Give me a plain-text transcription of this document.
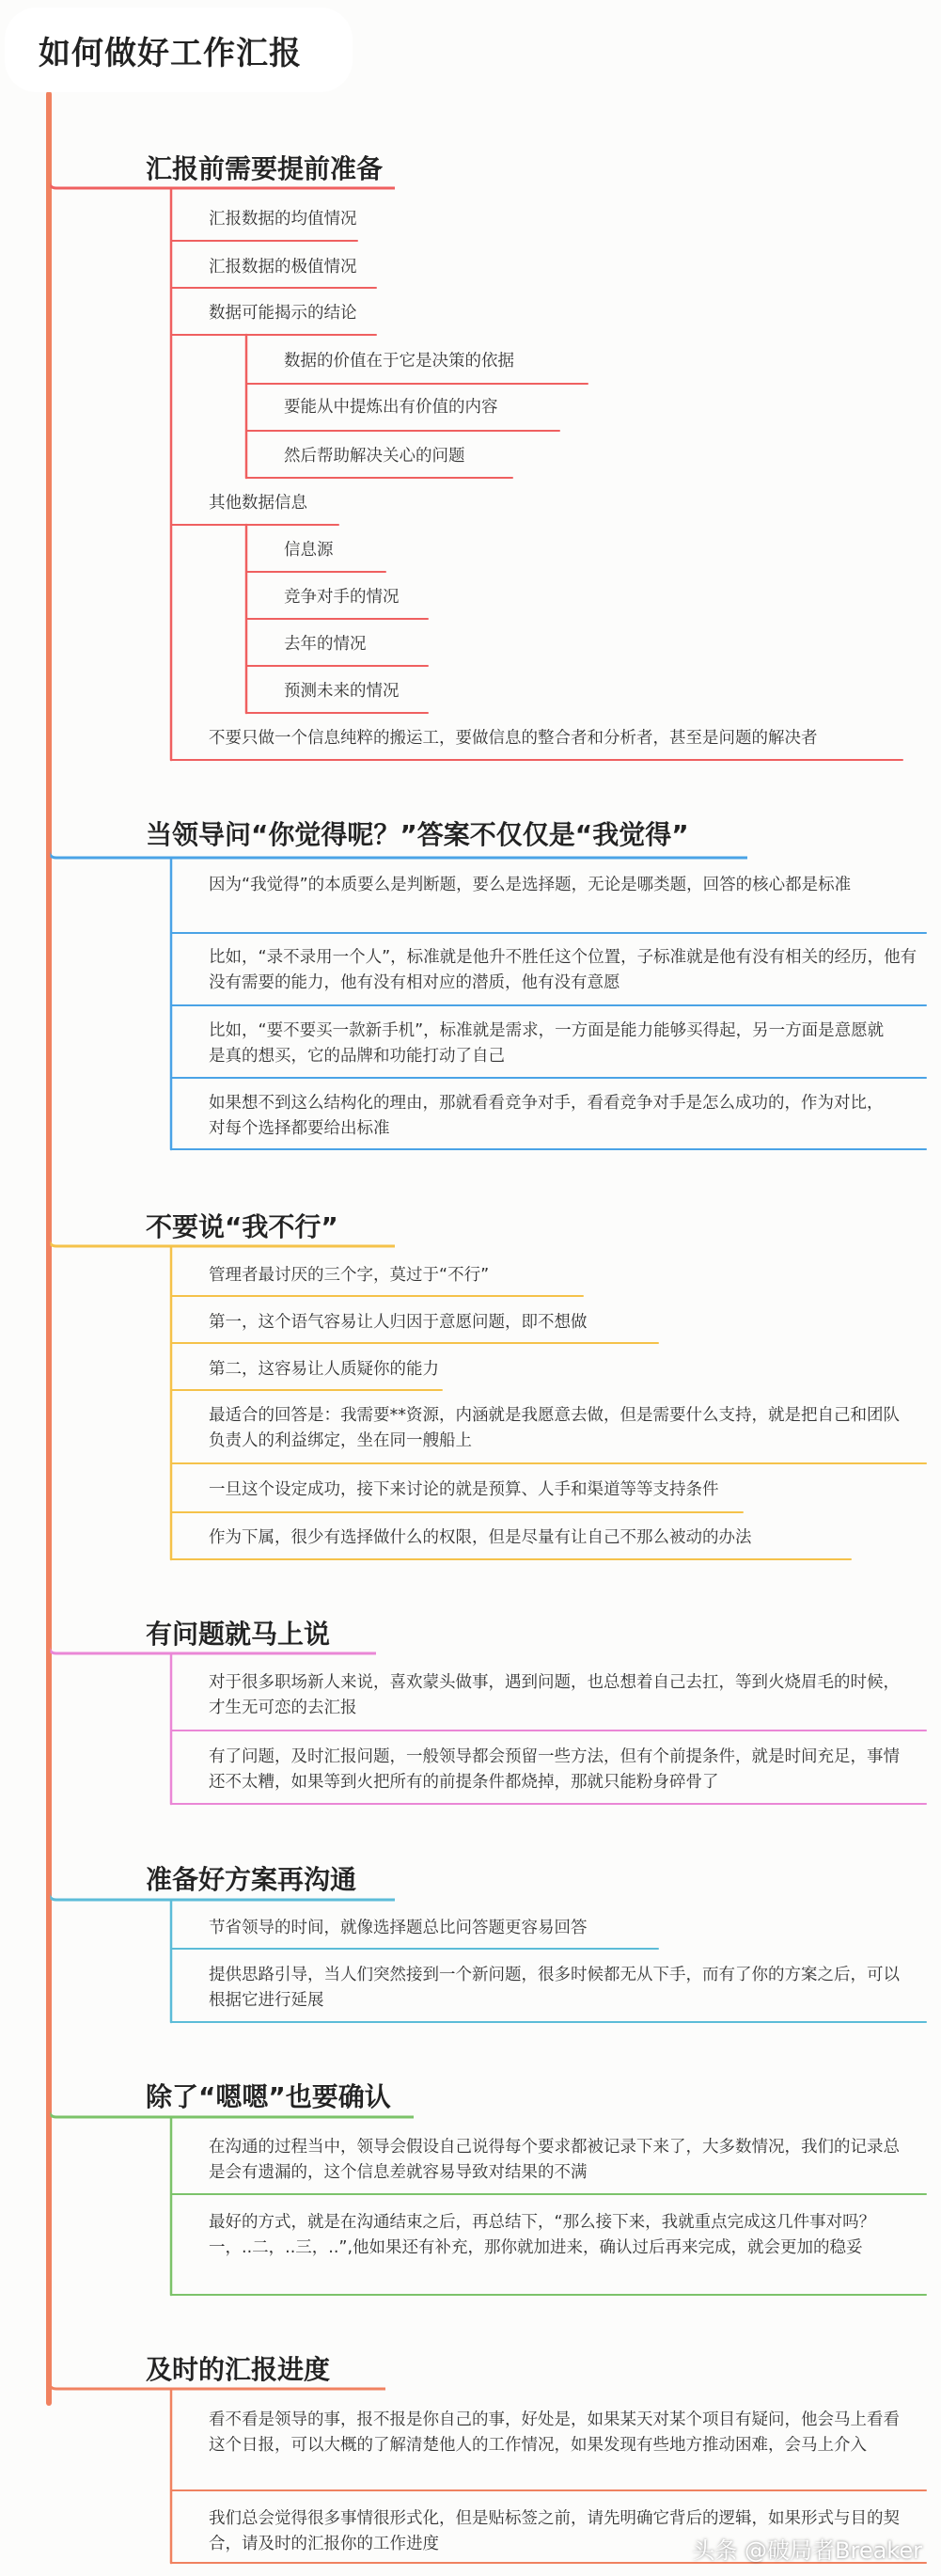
如何做好工作汇报
汇报前需要提前准备
汇报数据的均值情况
汇报数据的极值情况
数据可能揭示的结论
数据的价值在于它是决策的依据
要能从中提炼出有价值的内容
然后帮助解决关心的问题
其他数据信息
信息源
竞争对手的情况
去年的情况
预测未来的情况
不要只做一个信息纯粹的搬运工，要做信息的整合者和分析者，甚至是问题的解决者
当领导问“你觉得呢？”答案不仅仅是“我觉得”
因为“我觉得”的本质要么是判断题，要么是选择题，无论是哪类题，回答的核心都是标准
比如，“录不录用一个人”，标准就是他升不胜任这个位置，子标准就是他有没有相关的经历，他有没有需要的能力，他有没有相对应的潜质，他有没有意愿
比如，“要不要买一款新手机”，标准就是需求，一方面是能力能够买得起，另一方面是意愿就是真的想买，它的品牌和功能打动了自己
如果想不到这么结构化的理由，那就看看竞争对手，看看竞争对手是怎么成功的，作为对比，对每个选择都要给出标准
不要说“我不行”
管理者最讨厌的三个字，莫过于“不行”
第一，这个语气容易让人归因于意愿问题，即不想做
第二，这容易让人质疑你的能力
最适合的回答是：我需要**资源，内涵就是我愿意去做，但是需要什么支持，就是把自己和团队负责人的利益绑定，坐在同一艘船上
一旦这个设定成功，接下来讨论的就是预算、人手和渠道等等支持条件
作为下属，很少有选择做什么的权限，但是尽量有让自己不那么被动的办法
有问题就马上说
对于很多职场新人来说，喜欢蒙头做事，遇到问题，也总想着自己去扛，等到火烧眉毛的时候，才生无可恋的去汇报
有了问题，及时汇报问题，一般领导都会预留一些方法，但有个前提条件，就是时间充足，事情还不太糟，如果等到火把所有的前提条件都烧掉，那就只能粉身碎骨了
准备好方案再沟通
节省领导的时间，就像选择题总比问答题更容易回答
提供思路引导，当人们突然接到一个新问题，很多时候都无从下手，而有了你的方案之后，可以根据它进行延展
除了“嗯嗯”也要确认
在沟通的过程当中，领导会假设自己说得每个要求都被记录下来了，大多数情况，我们的记录总是会有遗漏的，这个信息差就容易导致对结果的不满
最好的方式，就是在沟通结束之后，再总结下，“那么接下来，我就重点完成这几件事对吗？一，..二，..三，..”,他如果还有补充，那你就加进来，确认过后再来完成，就会更加的稳妥
及时的汇报进度
看不看是领导的事，报不报是你自己的事，好处是，如果某天对某个项目有疑问，他会马上看看这个日报，可以大概的了解清楚他人的工作情况，如果发现有些地方推动困难，会马上介入
我们总会觉得很多事情很形式化，但是贴标签之前，请先明确它背后的逻辑，如果形式与目的契合，请及时的汇报你的工作进度	头条 @破局者Breaker
